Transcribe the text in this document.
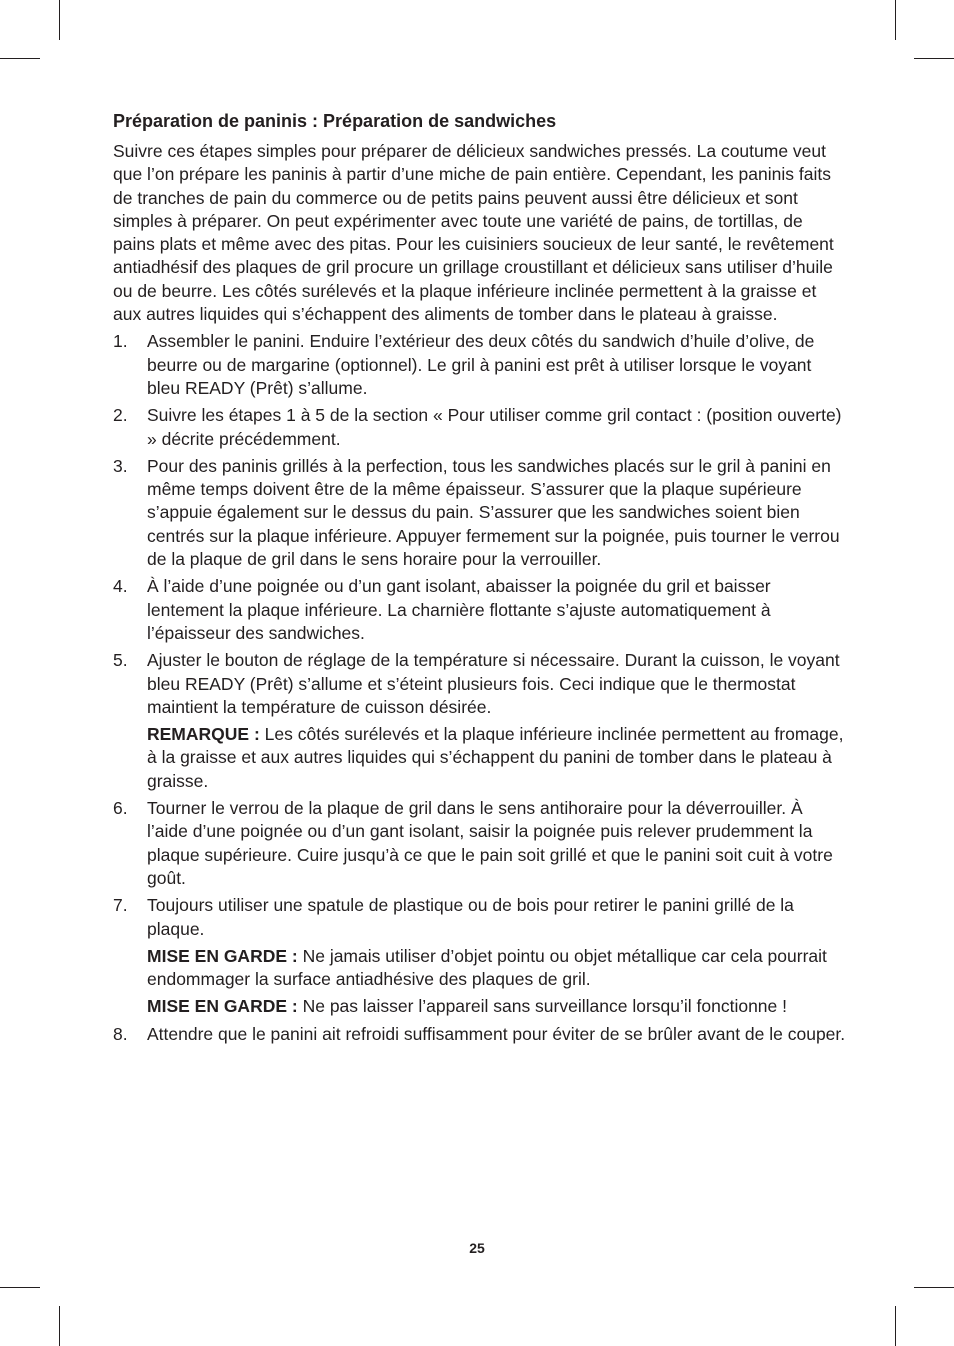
Préparation de paninis : Préparation de sandwiches

Suivre ces étapes simples pour préparer de délicieux sandwiches pressés. La coutume veut que l’on prépare les paninis à partir d’une miche de pain entière. Cependant, les paninis faits de tranches de pain du commerce ou de petits pains peuvent aussi être délicieux et sont simples à préparer. On peut expérimenter avec toute une variété de pains, de tortillas, de pains plats et même avec des pitas. Pour les cuisiniers soucieux de leur santé, le revêtement antiadhésif des plaques de gril procure un grillage croustillant et délicieux sans utiliser d’huile ou de beurre. Les côtés surélevés et la plaque inférieure inclinée permettent à la graisse et aux autres liquides qui s’échappent des aliments de tomber dans le plateau à graisse.

1. Assembler le panini. Enduire l’extérieur des deux côtés du sandwich d’huile d’olive, de beurre ou de margarine (optionnel). Le gril à panini est prêt à utiliser lorsque le voyant bleu READY (Prêt) s’allume.

2. Suivre les étapes 1 à 5 de la section « Pour utiliser comme gril contact : (position ouverte) » décrite précédemment.

3. Pour des paninis grillés à la perfection, tous les sandwiches placés sur le gril à panini en même temps doivent être de la même épaisseur. S’assurer que la plaque supérieure s’appuie également sur le dessus du pain. S’assurer que les sandwiches soient bien centrés sur la plaque inférieure. Appuyer fermement sur la poignée, puis tourner le verrou de la plaque de gril dans le sens horaire pour la verrouiller.

4. À l’aide d’une poignée ou d’un gant isolant, abaisser la poignée du gril et baisser lentement la plaque inférieure. La charnière flottante s’ajuste automatiquement à l’épaisseur des sandwiches.

5. Ajuster le bouton de réglage de la température si nécessaire. Durant la cuisson, le voyant bleu READY (Prêt) s’allume et s’éteint plusieurs fois. Ceci indique que le thermostat maintient la température de cuisson désirée.

REMARQUE : Les côtés surélevés et la plaque inférieure inclinée permettent au fromage, à la graisse et aux autres liquides qui s’échappent du panini de tomber dans le plateau à graisse.

6. Tourner le verrou de la plaque de gril dans le sens antihoraire pour la déverrouiller. À l’aide d’une poignée ou d’un gant isolant, saisir la poignée puis relever prudemment la plaque supérieure. Cuire jusqu’à ce que le pain soit grillé et que le panini soit cuit à votre goût.

7. Toujours utiliser une spatule de plastique ou de bois pour retirer le panini grillé de la plaque.

MISE EN GARDE : Ne jamais utiliser d’objet pointu ou objet métallique car cela pourrait endommager la surface antiadhésive des plaques de gril.

MISE EN GARDE : Ne pas laisser l’appareil sans surveillance lorsqu’il fonctionne !

8. Attendre que le panini ait refroidi suffisamment pour éviter de se brûler avant de le couper.

25
